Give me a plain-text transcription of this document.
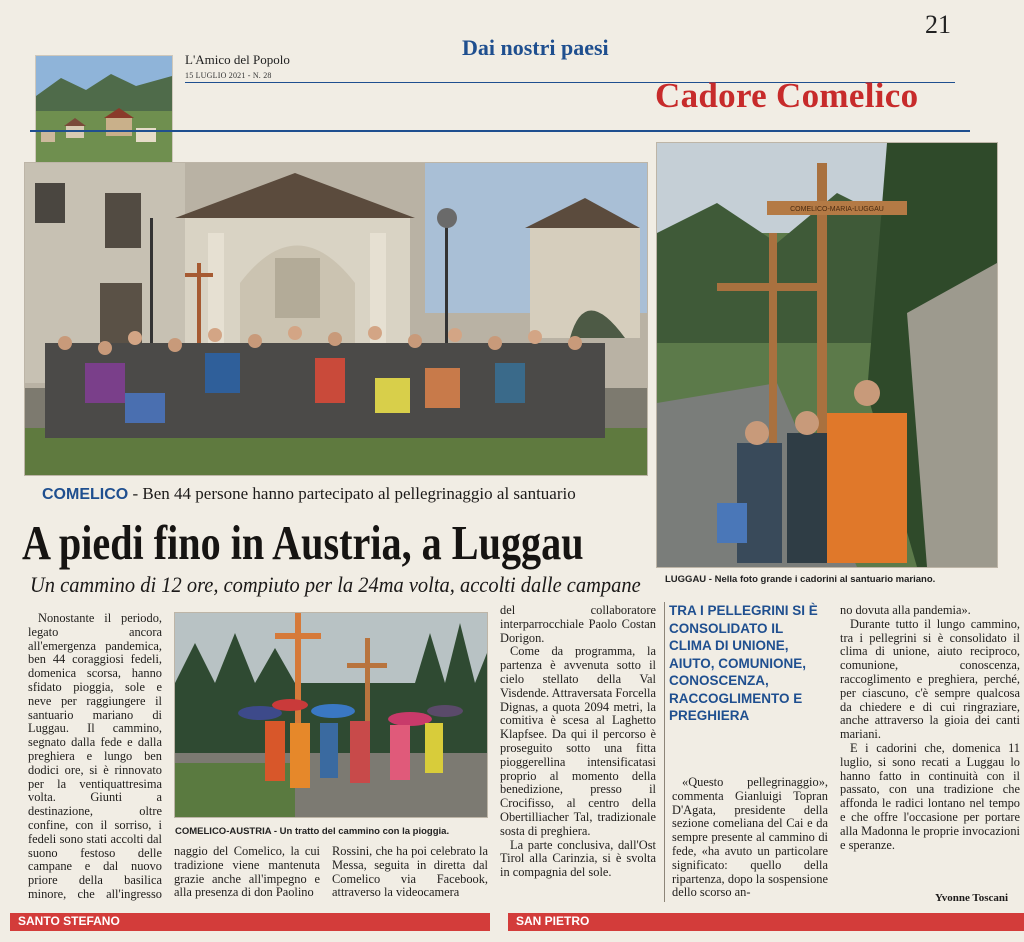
L'Amico del Popolo
15 LUGLIO 2021 - N. 28
Dai nostri paesi
21
Cadore Comelico
COMELICO-MARIA-LUGGAU
LUGGAU - Nella foto grande i cadorini al santuario mariano.
COMELICO - Ben 44 persone hanno partecipato al pellegrinaggio al santuario
A piedi fino in Austria, a Luggau
Un cammino di 12 ore, compiuto per la 24ma volta, accolti dalle campane

Nonostante il periodo, legato ancora all'emergenza pandemica, ben 44 coraggiosi fedeli, domenica scorsa, hanno sfidato pioggia, sole e neve per raggiungere il santuario mariano di Luggau. Il cammino, segnato dalla fede e dalla preghiera e lungo ben dodici ore, si è rinnovato per la ventiquattresima volta. Giunti a destinazione, oltre confine, con il sorriso, i fedeli sono stati accolti dal suono festoso delle campane e dal nuovo priore della basilica minore, che all'ingresso

COMELICO-AUSTRIA - Un tratto del cammino con la pioggia.

naggio del Comelico, la cui tradizione viene mantenuta grazie anche all'impegno e alla presenza di don Paolino

Rossini, che ha poi celebrato la Messa, seguita in diretta dal Comelico via Facebook, attraverso la videocamera

del collaboratore interparrocchiale Paolo Costan Dorigon.

Come da programma, la partenza è avvenuta sotto il cielo stellato della Val Visdende. Attraversata Forcella Dignas, a quota 2094 metri, la comitiva è scesa al Laghetto Klapfsee. Da qui il percorso è proseguito sotto una fitta pioggerellina intensificatasi proprio al momento della benedizione, presso il Crocifisso, al centro della Obertilliacher Tal, tradizionale sosta di preghiera.

La parte conclusiva, dall'Ost Tirol alla Carinzia, si è svolta in compagnia del sole.

TRA I PELLEGRINI SI È CONSOLIDATO IL CLIMA DI UNIONE, AIUTO, COMUNIONE, CONOSCENZA, RACCOGLIMENTO E PREGHIERA

«Questo pellegrinaggio», commenta Gianluigi Topran D'Agata, presidente della sezione comeliana del Cai e da sempre presente al cammino di fede, «ha avuto un particolare significato: quello della ripartenza, dopo la sospensione dello scorso an-

no dovuta alla pandemia».

Durante tutto il lungo cammino, tra i pellegrini si è consolidato il clima di unione, aiuto reciproco, comunione, conoscenza, raccoglimento e preghiera, perché, per ciascuno, c'è sempre qualcosa da chiedere e di cui ringraziare, anche attraverso la gioia dei canti mariani.

E i cadorini che, domenica 11 luglio, si sono recati a Luggau lo hanno fatto in continuità con il passato, con una tradizione che affonda le radici lontano nel tempo e che offre l'occasione per portare alla Madonna le proprie invocazioni e speranze.

Yvonne Toscani
SANTO STEFANO	SAN PIETRO
